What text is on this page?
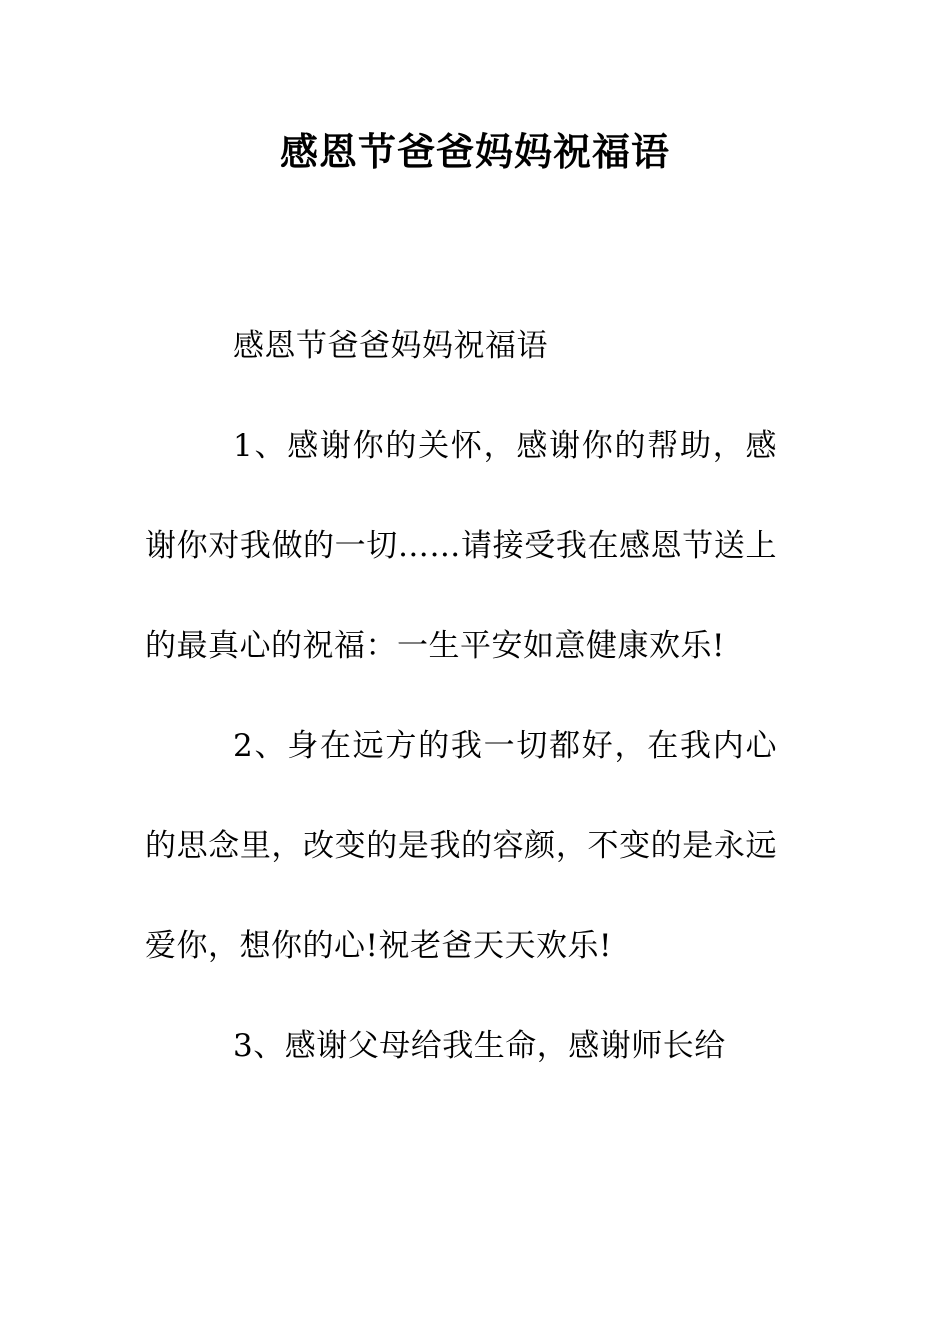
感恩节爸爸妈妈祝福语

感恩节爸爸妈妈祝福语

1、感谢你的关怀，感谢你的帮助，感谢你对我做的一切……请接受我在感恩节送上的最真心的祝福：一生平安如意健康欢乐!

2、身在远方的我一切都好，在我内心的思念里，改变的是我的容颜，不变的是永远爱你，想你的心!祝老爸天天欢乐!

3、感谢父母给我生命，感谢师长给
